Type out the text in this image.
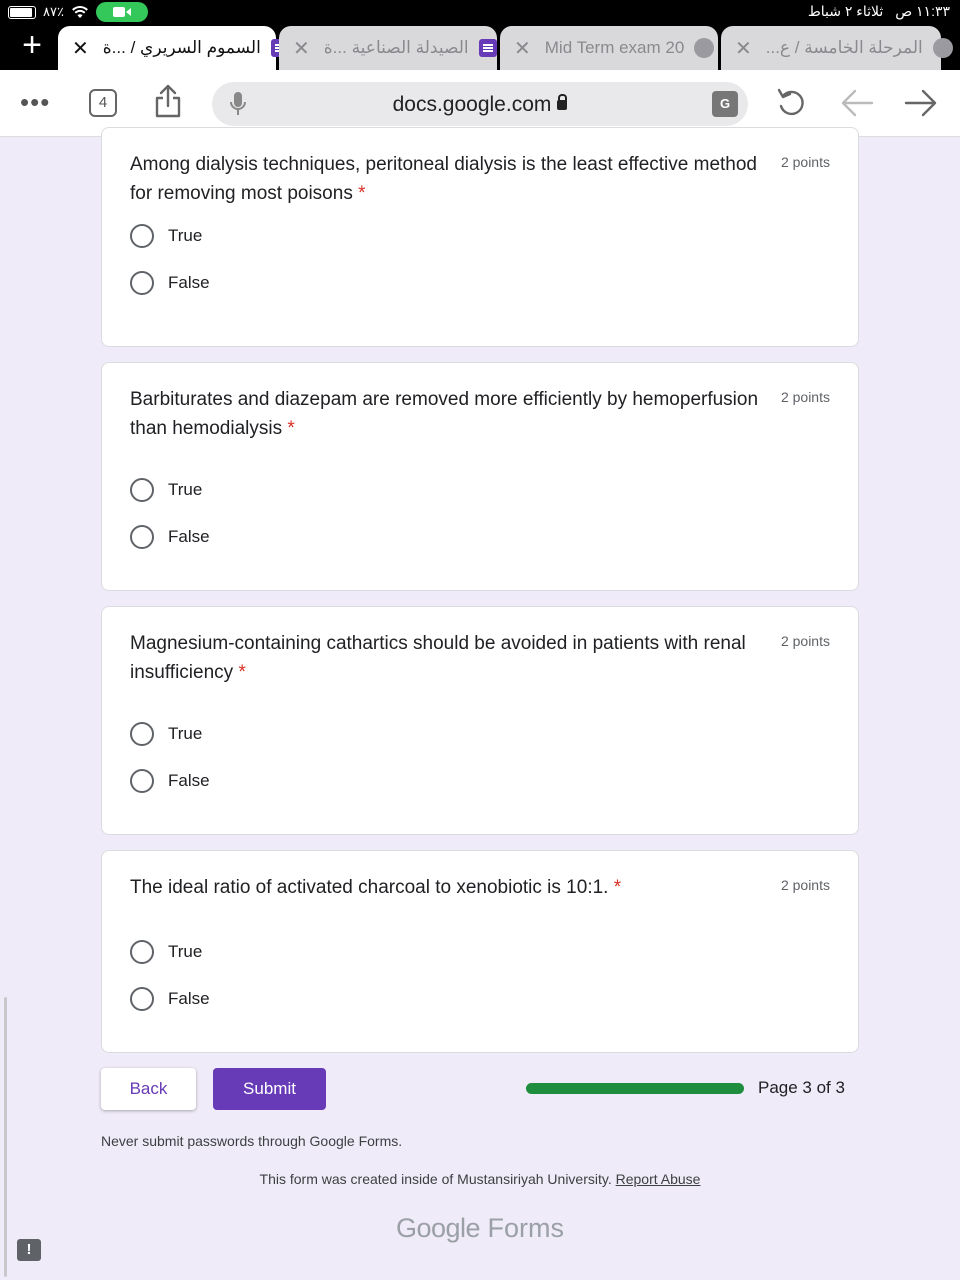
٨٧٪	١١:٣٣ ص ثلاثاء ٢ شباط
+	✕ السموم السريري / ...ة ✕ الصيدلة الصناعية ...ة ✕ Mid Term exam 20	✕ المرحلة الخامسة / ع...
•••	4	docs.google.com	G
Among dialysis techniques, peritoneal dialysis is the least effective method for removing most poisons *
2 points
True
False
Barbiturates and diazepam are removed more efficiently by hemoperfusion than hemodialysis *
2 points
True
False
Magnesium-containing cathartics should be avoided in patients with renal insufficiency *
2 points
True
False
The ideal ratio of activated charcoal to xenobiotic is 10:1. *	2 points
True
False
Back	Submit	Page 3 of 3
Never submit passwords through Google Forms.
This form was created inside of Mustansiriyah University. Report Abuse
Google Forms
!
